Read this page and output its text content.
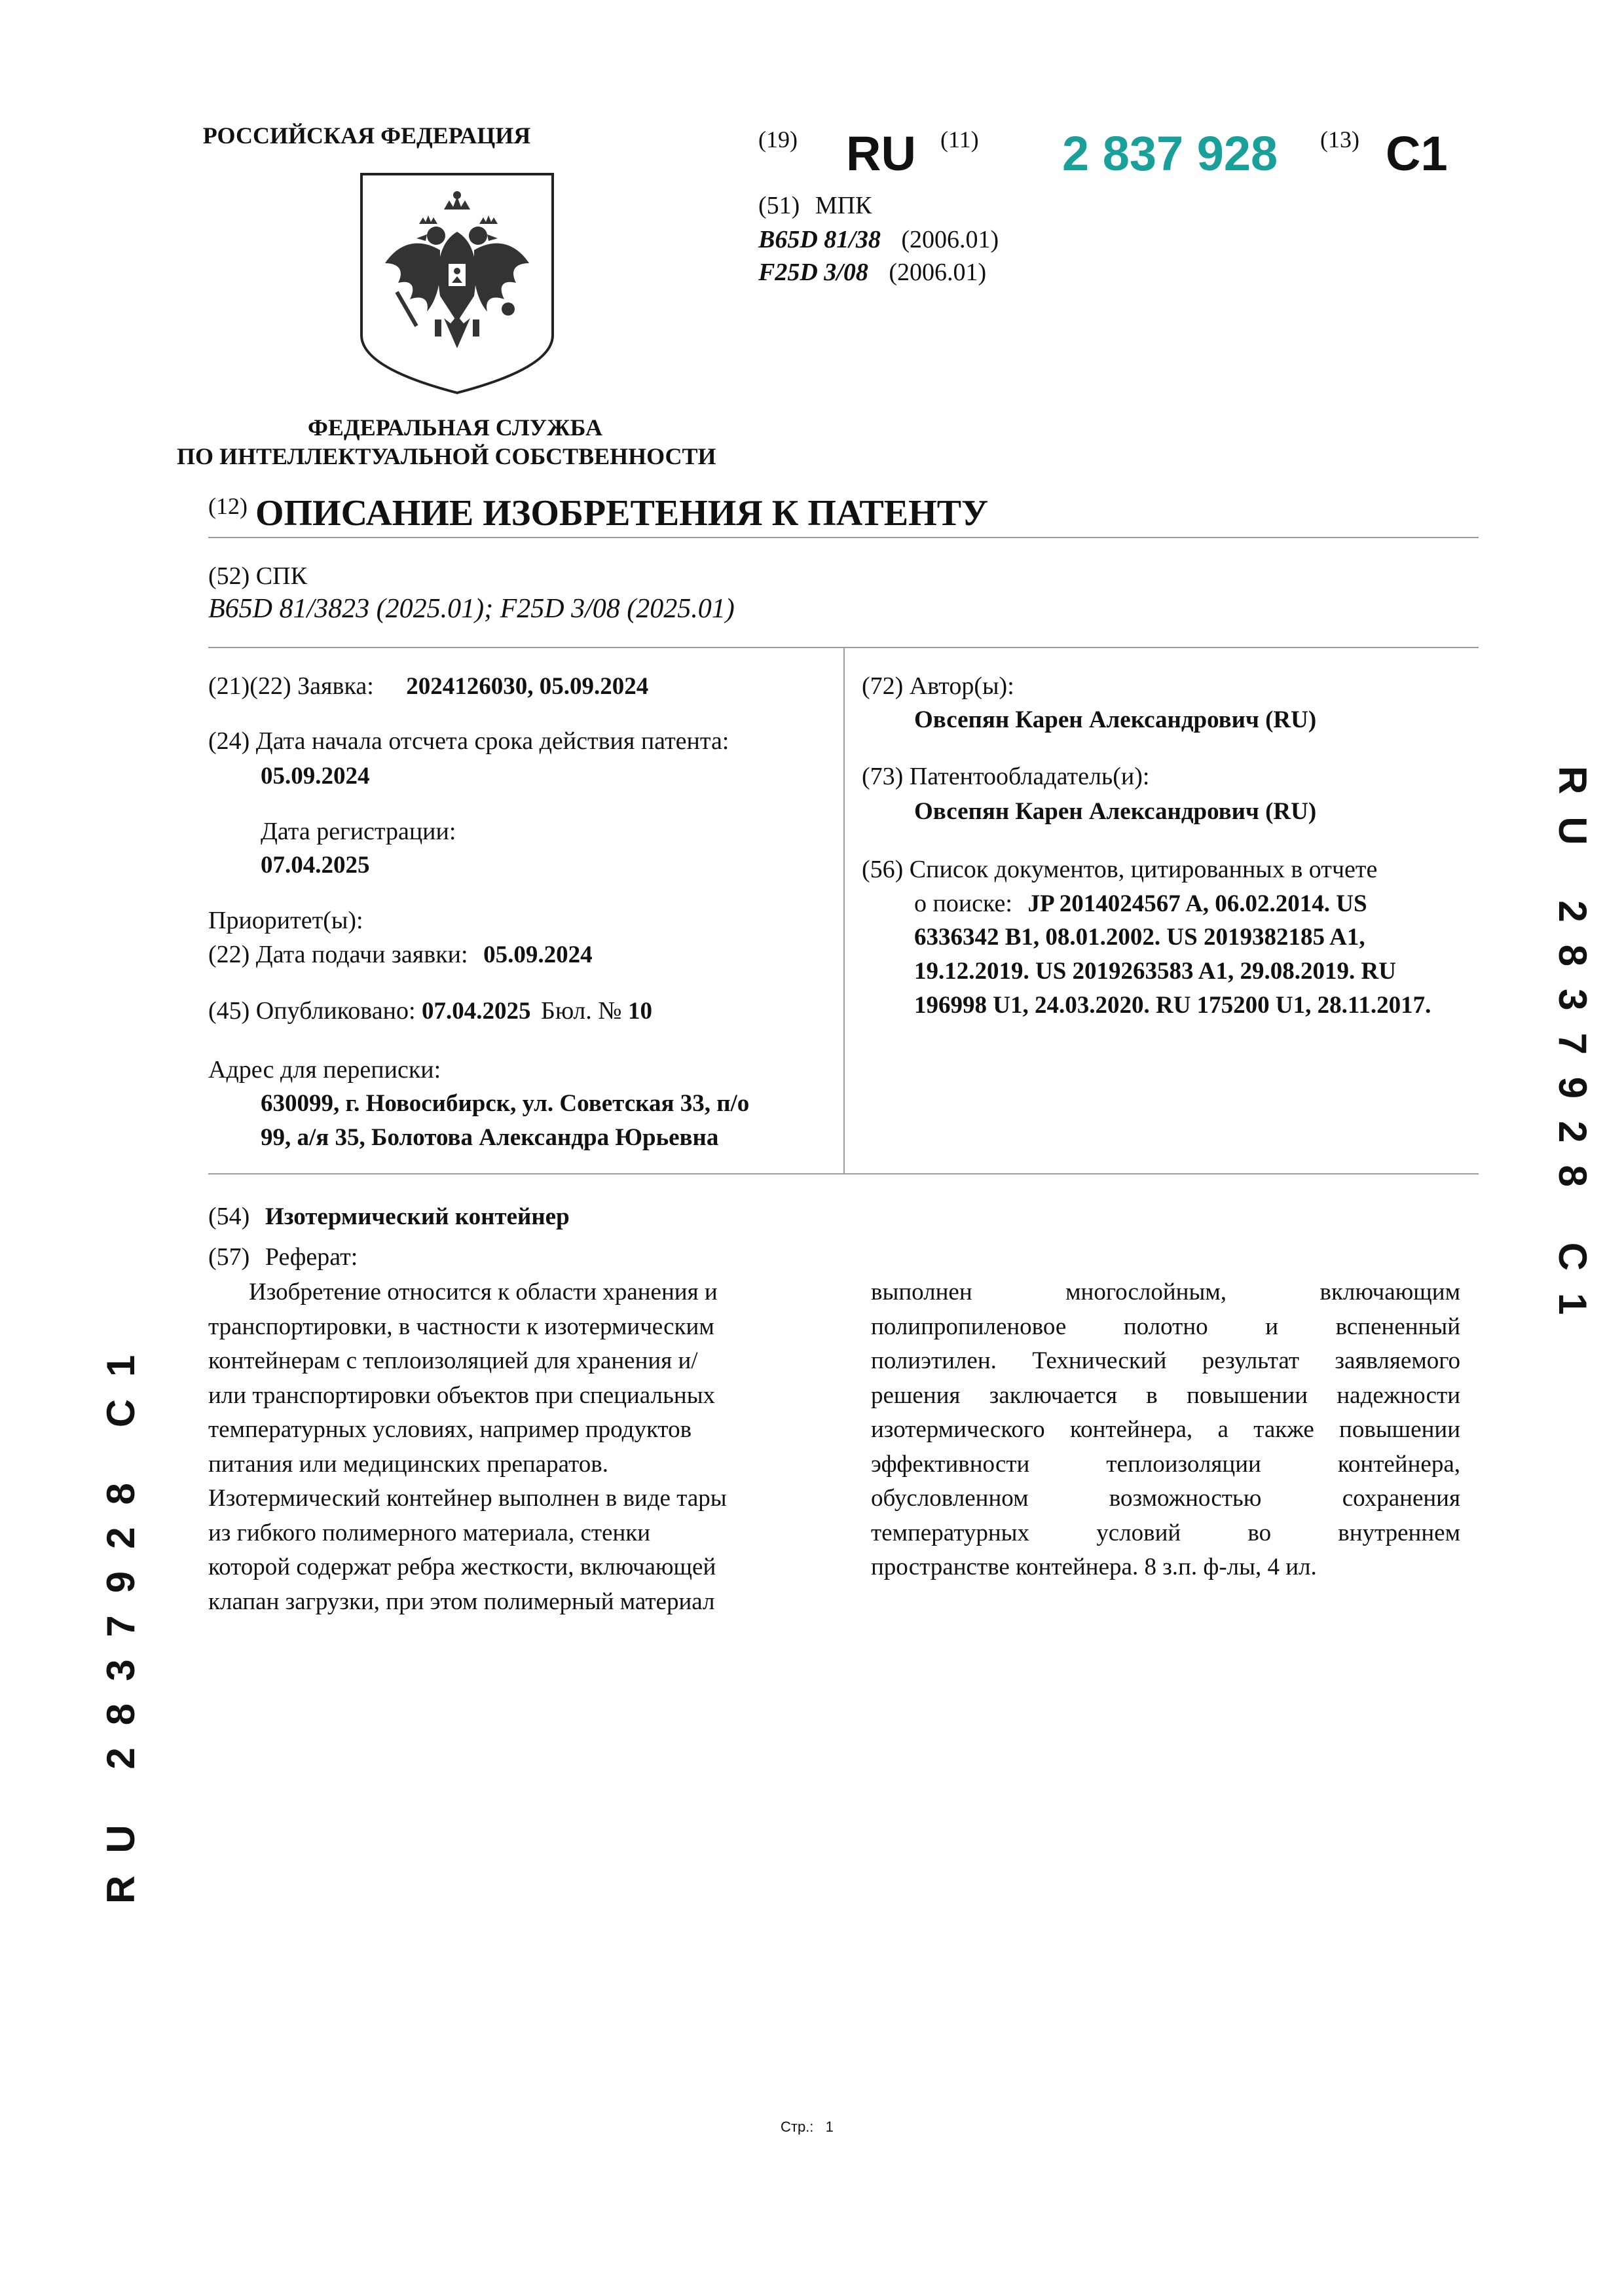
РОССИЙСКАЯ ФЕДЕРАЦИЯ
ФЕДЕРАЛЬНАЯ СЛУЖБА
ПО ИНТЕЛЛЕКТУАЛЬНОЙ СОБСТВЕННОСТИ
(19) RU (11) 2 837 928 (13) C1
(51) МПК
B65D 81/38 (2006.01)
F25D 3/08 (2006.01)
(12) ОПИСАНИЕ ИЗОБРЕТЕНИЯ К ПАТЕНТУ
(52) СПК
B65D 81/3823 (2025.01); F25D 3/08 (2025.01)
(21)(22) Заявка: 2024126030, 05.09.2024
(24) Дата начала отсчета срока действия патента:
05.09.2024
Дата регистрации:
07.04.2025
Приоритет(ы):
(22) Дата подачи заявки: 05.09.2024
(45) Опубликовано: 07.04.2025 Бюл. № 10
Адрес для переписки:
630099, г. Новосибирск, ул. Советская 33, п/о
99, а/я 35, Болотова Александра Юрьевна
(72) Автор(ы):
Овсепян Карен Александрович (RU)
(73) Патентообладатель(и):
Овсепян Карен Александрович (RU)
(56) Список документов, цитированных в отчете
о поиске: JP 2014024567 A, 06.02.2014. US
6336342 B1, 08.01.2002. US 2019382185 A1,
19.12.2019. US 2019263583 A1, 29.08.2019. RU
196998 U1, 24.03.2020. RU 175200 U1, 28.11.2017.
(54) Изотермический контейнер
(57) Реферат:
Изобретение относится к области хранения и
транспортировки, в частности к изотермическим
контейнерам с теплоизоляцией для хранения и/
или транспортировки объектов при специальных
температурных условиях, например продуктов
питания или медицинских препаратов.
Изотермический контейнер выполнен в виде тары
из гибкого полимерного материала, стенки
которой содержат ребра жесткости, включающей
клапан загрузки, при этом полимерный материал
выполнен многослойным, включающим
полипропиленовое полотно и вспененный
полиэтилен. Технический результат заявляемого
решения заключается в повышении надежности
изотермического контейнера, а также повышении
эффективности теплоизоляции контейнера,
обусловленном возможностью сохранения
температурных условий во внутреннем
пространстве контейнера. 8 з.п. ф-лы, 4 ил.
RU 2837928 C1
RU 2837928 C1
Стр.: 1
